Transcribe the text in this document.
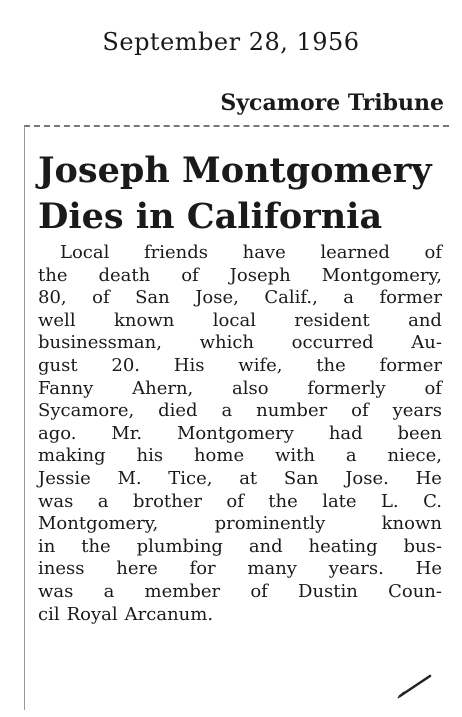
September 28, 1956
Sycamore Tribune
Joseph Montgomery
Dies in California
Local friends have learned of
the death of Joseph Montgomery,
80, of San Jose, Calif., a former
well known local resident and
businessman, which occurred Au-
gust 20. His wife, the former
Fanny Ahern, also formerly of
Sycamore, died a number of years
ago. Mr. Montgomery had been
making his home with a niece,
Jessie M. Tice, at San Jose. He
was a brother of the late L. C.
Montgomery,	prominently	known
in the plumbing and heating bus-
iness here for many years. He
was a member of Dustin Coun-
cil Royal Arcanum.
